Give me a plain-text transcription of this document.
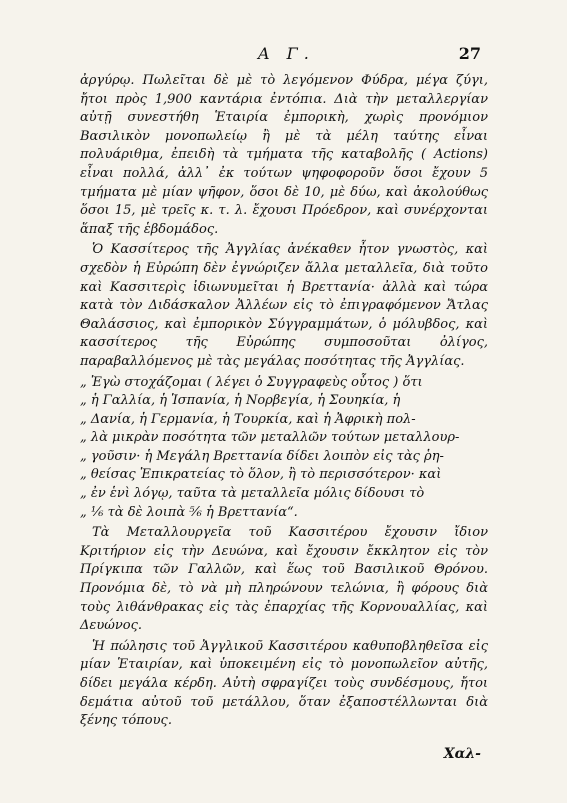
Α Γ.	27

ἀργύρῳ. Πωλεῖται δὲ μὲ τὸ λεγόμενον Φύδρα, μέγα ζύγι, ἤτοι πρὸς 1,900 καντάρια ἐντόπια. Διὰ τὴν μεταλλεργίαν αὐτῇ συνεστήθη Ἑταιρία ἐμπορικὴ, χωρὶς προνόμιον Βασιλικὸν μονοπωλείῳ ἢ μὲ τὰ μέλη ταύτης εἶναι πολυάριθμα, ἐπειδὴ τὰ τμήματα τῆς καταβολῆς ( Actions) εἶναι πολλά, ἀλλ᾽ ἐκ τούτων ψηφοφοροῦν ὅσοι ἔχουν 5 τμήματα μὲ μίαν ψῆφον, ὅσοι δὲ 10, μὲ δύω, καὶ ἀκολούθως ὅσοι 15, μὲ τρεῖς κ. τ. λ. ἔχουσι Πρόεδρον, καὶ συνέρχονται ἅπαξ τῆς ἑβδομάδος.

Ὁ Κασσίτερος τῆς Ἀγγλίας ἀνέκαθεν ἦτον γνωστὸς, καὶ σχεδὸν ἡ Εὐρώπη δὲν ἐγνώριζεν ἄλλα μεταλλεῖα, διὰ τοῦτο καὶ Κασσιτερὶς ἰδιωνυμεῖται ἡ Βρεττανία· ἀλλὰ καὶ τώρα κατὰ τὸν Διδάσκαλον Ἀλλέων εἰς τὸ ἐπιγραφόμενον Ἄτλας Θαλάσσιος, καὶ ἐμπορικὸν Σύγγραμμάτων, ὁ μόλυβδος, καὶ κασσίτερος τῆς Εὐρώπης συμποσοῦται ὀλίγος, παραβαλλόμενος μὲ τὰς μεγάλας ποσότητας τῆς Ἀγγλίας.

„ Ἐγὼ στοχάζομαι ( λέγει ὁ Συγγραφεὺς οὗτος ) ὅτι
„ ἡ Γαλλία, ἡ Ἱσπανία, ἡ Νορβεγία, ἡ Σουηκία, ἡ
„ Δανία, ἡ Γερμανία, ἡ Τουρκία, καὶ ἡ Ἀφρικὴ πολ-
„ λὰ μικρὰν ποσότητα τῶν μεταλλῶν τούτων μεταλλουρ-
„ γοῦσιν· ἡ Μεγάλη Βρεττανία δίδει λοιπὸν εἰς τὰς ῥη-
„ θείσας Ἐπικρατείας τὸ ὅλον, ἢ τὸ περισσότερον· καὶ
„ ἐν ἑνὶ λόγῳ, ταῦτα τὰ μεταλλεῖα μόλις δίδουσι τὸ
„ ⅙ τὰ δὲ λοιπὰ ⅚ ἡ Βρεττανία“.

Τὰ Μεταλλουργεῖα τοῦ Κασσιτέρου ἔχουσιν ἴδιον Κριτήριον εἰς τὴν Δευώνα, καὶ ἔχουσιν ἔκκλητον εἰς τὸν Πρίγκιπα τῶν Γαλλῶν, καὶ ἕως τοῦ Βασιλικοῦ Θρόνου. Προνόμια δὲ, τὸ νὰ μὴ πληρώνουν τελώνια, ἢ φόρους διὰ τοὺς λιθάνθρακας εἰς τὰς ἐπαρχίας τῆς Κορνουαλλίας, καὶ Δευώνος.

Ἡ πώλησις τοῦ Ἀγγλικοῦ Κασσιτέρου καθυποβληθεῖσα εἰς μίαν Ἑταιρίαν, καὶ ὑποκειμένη εἰς τὸ μονοπωλεῖον αὐτῆς, δίδει μεγάλα κέρδη. Αὐτὴ σφραγίζει τοὺς συνδέσμους, ἤτοι δεμάτια αὐτοῦ τοῦ μετάλλου, ὅταν ἐξαποστέλλωνται διὰ ξένης τόπους.

Χαλ-
